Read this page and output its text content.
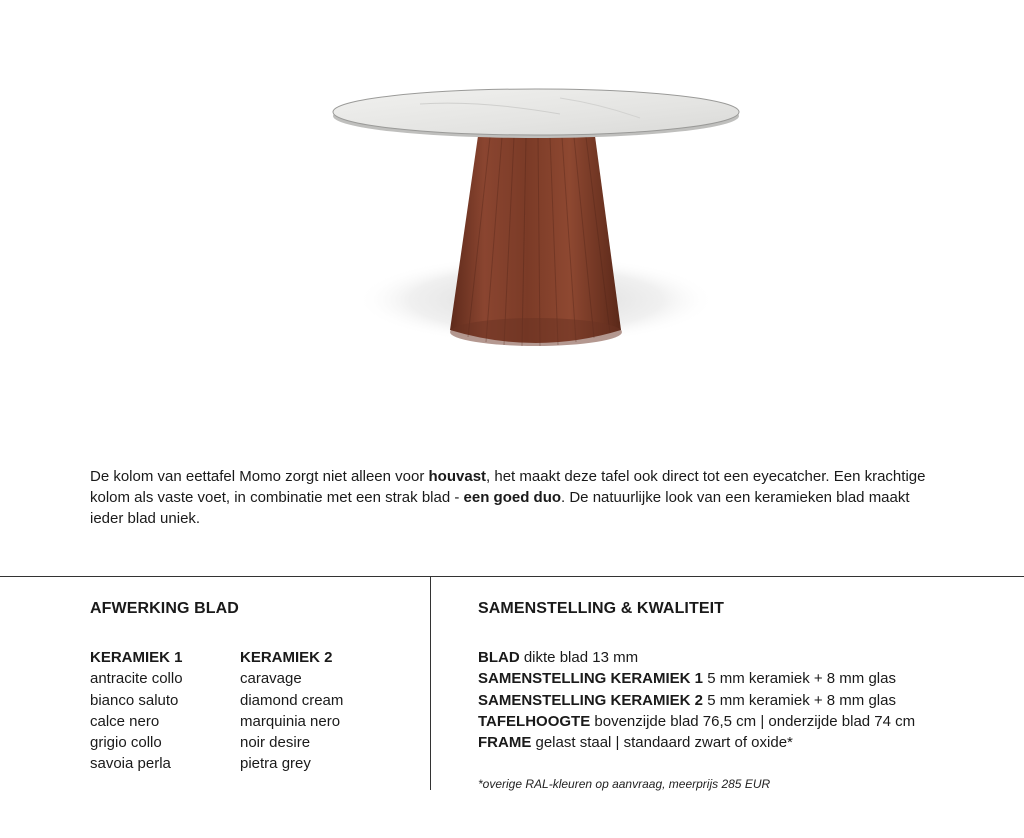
De kolom van eettafel Momo zorgt niet alleen voor houvast, het maakt deze tafel ook direct tot een eyecatcher. Een krachtige kolom als vaste voet, in combinatie met een strak blad - een goed duo. De natuurlijke look van een keramieken blad maakt ieder blad uniek.
AFWERKING BLAD
KERAMIEK 1
antracite collo
bianco saluto
calce nero
grigio collo
savoia perla
KERAMIEK 2
caravage
diamond cream
marquinia nero
noir desire
pietra grey
SAMENSTELLING & KWALITEIT
BLAD dikte blad 13 mm
SAMENSTELLING KERAMIEK 1 5 mm keramiek + 8 mm glas
SAMENSTELLING KERAMIEK 2 5 mm keramiek + 8 mm glas
TAFELHOOGTE bovenzijde blad 76,5 cm | onderzijde blad 74 cm
FRAME gelast staal | standaard zwart of oxide*
*overige RAL-kleuren op aanvraag, meerprijs 285 EUR
